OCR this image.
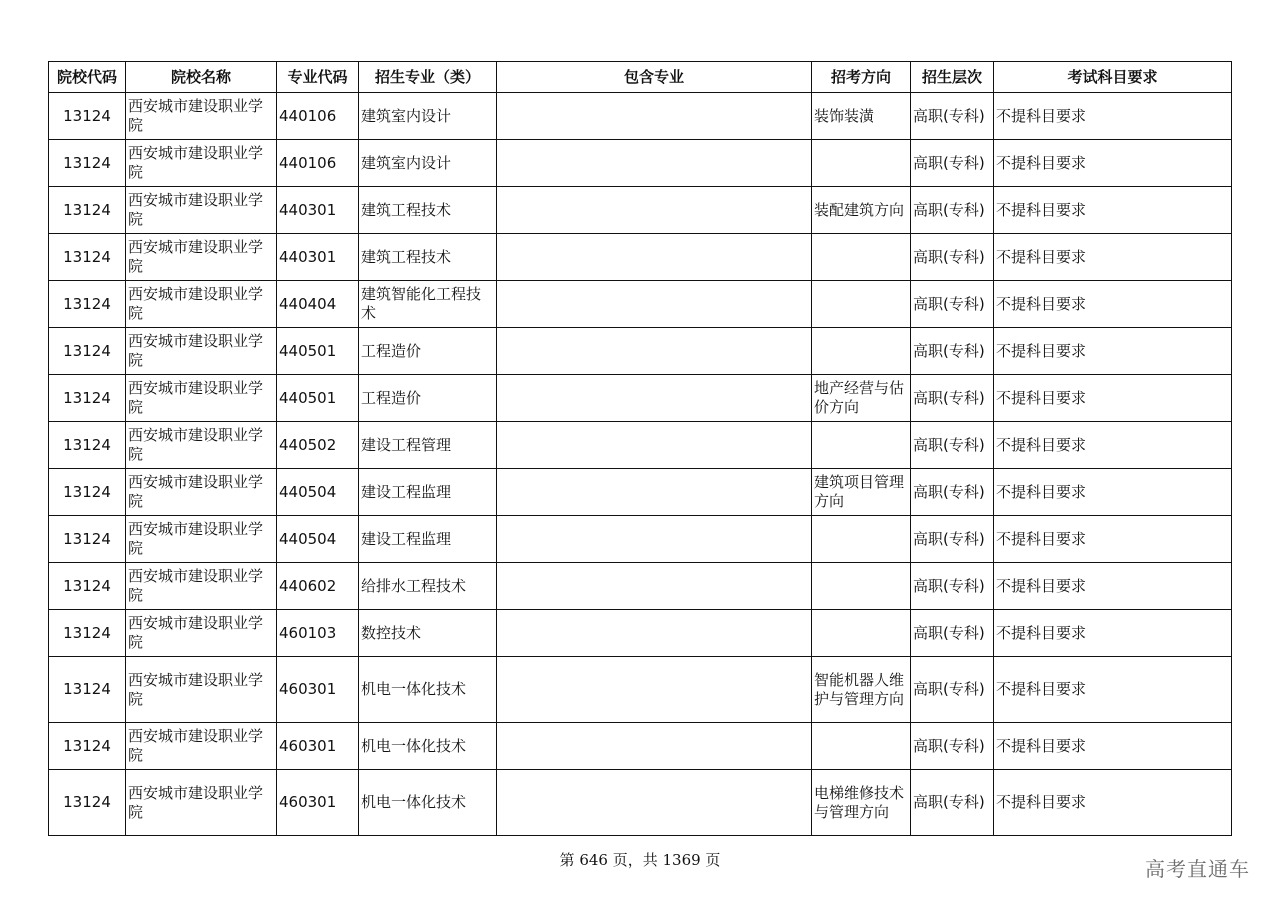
院校代码	院校名称	专业代码	招生专业（类）	包含专业	招考方向	招生层次	考试科目要求
13124	西安城市建设职业学院	440106	建筑室内设计		装饰装潢	高职(专科)	不提科目要求
13124	西安城市建设职业学院	440106	建筑室内设计			高职(专科)	不提科目要求
13124	西安城市建设职业学院	440301	建筑工程技术		装配建筑方向	高职(专科)	不提科目要求
13124	西安城市建设职业学院	440301	建筑工程技术			高职(专科)	不提科目要求
13124	西安城市建设职业学院	440404	建筑智能化工程技术			高职(专科)	不提科目要求
13124	西安城市建设职业学院	440501	工程造价			高职(专科)	不提科目要求
13124	西安城市建设职业学院	440501	工程造价		地产经营与估价方向	高职(专科)	不提科目要求
13124	西安城市建设职业学院	440502	建设工程管理			高职(专科)	不提科目要求
13124	西安城市建设职业学院	440504	建设工程监理		建筑项目管理方向	高职(专科)	不提科目要求
13124	西安城市建设职业学院	440504	建设工程监理			高职(专科)	不提科目要求
13124	西安城市建设职业学院	440602	给排水工程技术			高职(专科)	不提科目要求
13124	西安城市建设职业学院	460103	数控技术			高职(专科)	不提科目要求
13124	西安城市建设职业学院	460301	机电一体化技术		智能机器人维护与管理方向	高职(专科)	不提科目要求
13124	西安城市建设职业学院	460301	机电一体化技术			高职(专科)	不提科目要求
13124	西安城市建设职业学院	460301	机电一体化技术		电梯维修技术与管理方向	高职(专科)	不提科目要求
第 646 页，共 1369 页	高考直通车
